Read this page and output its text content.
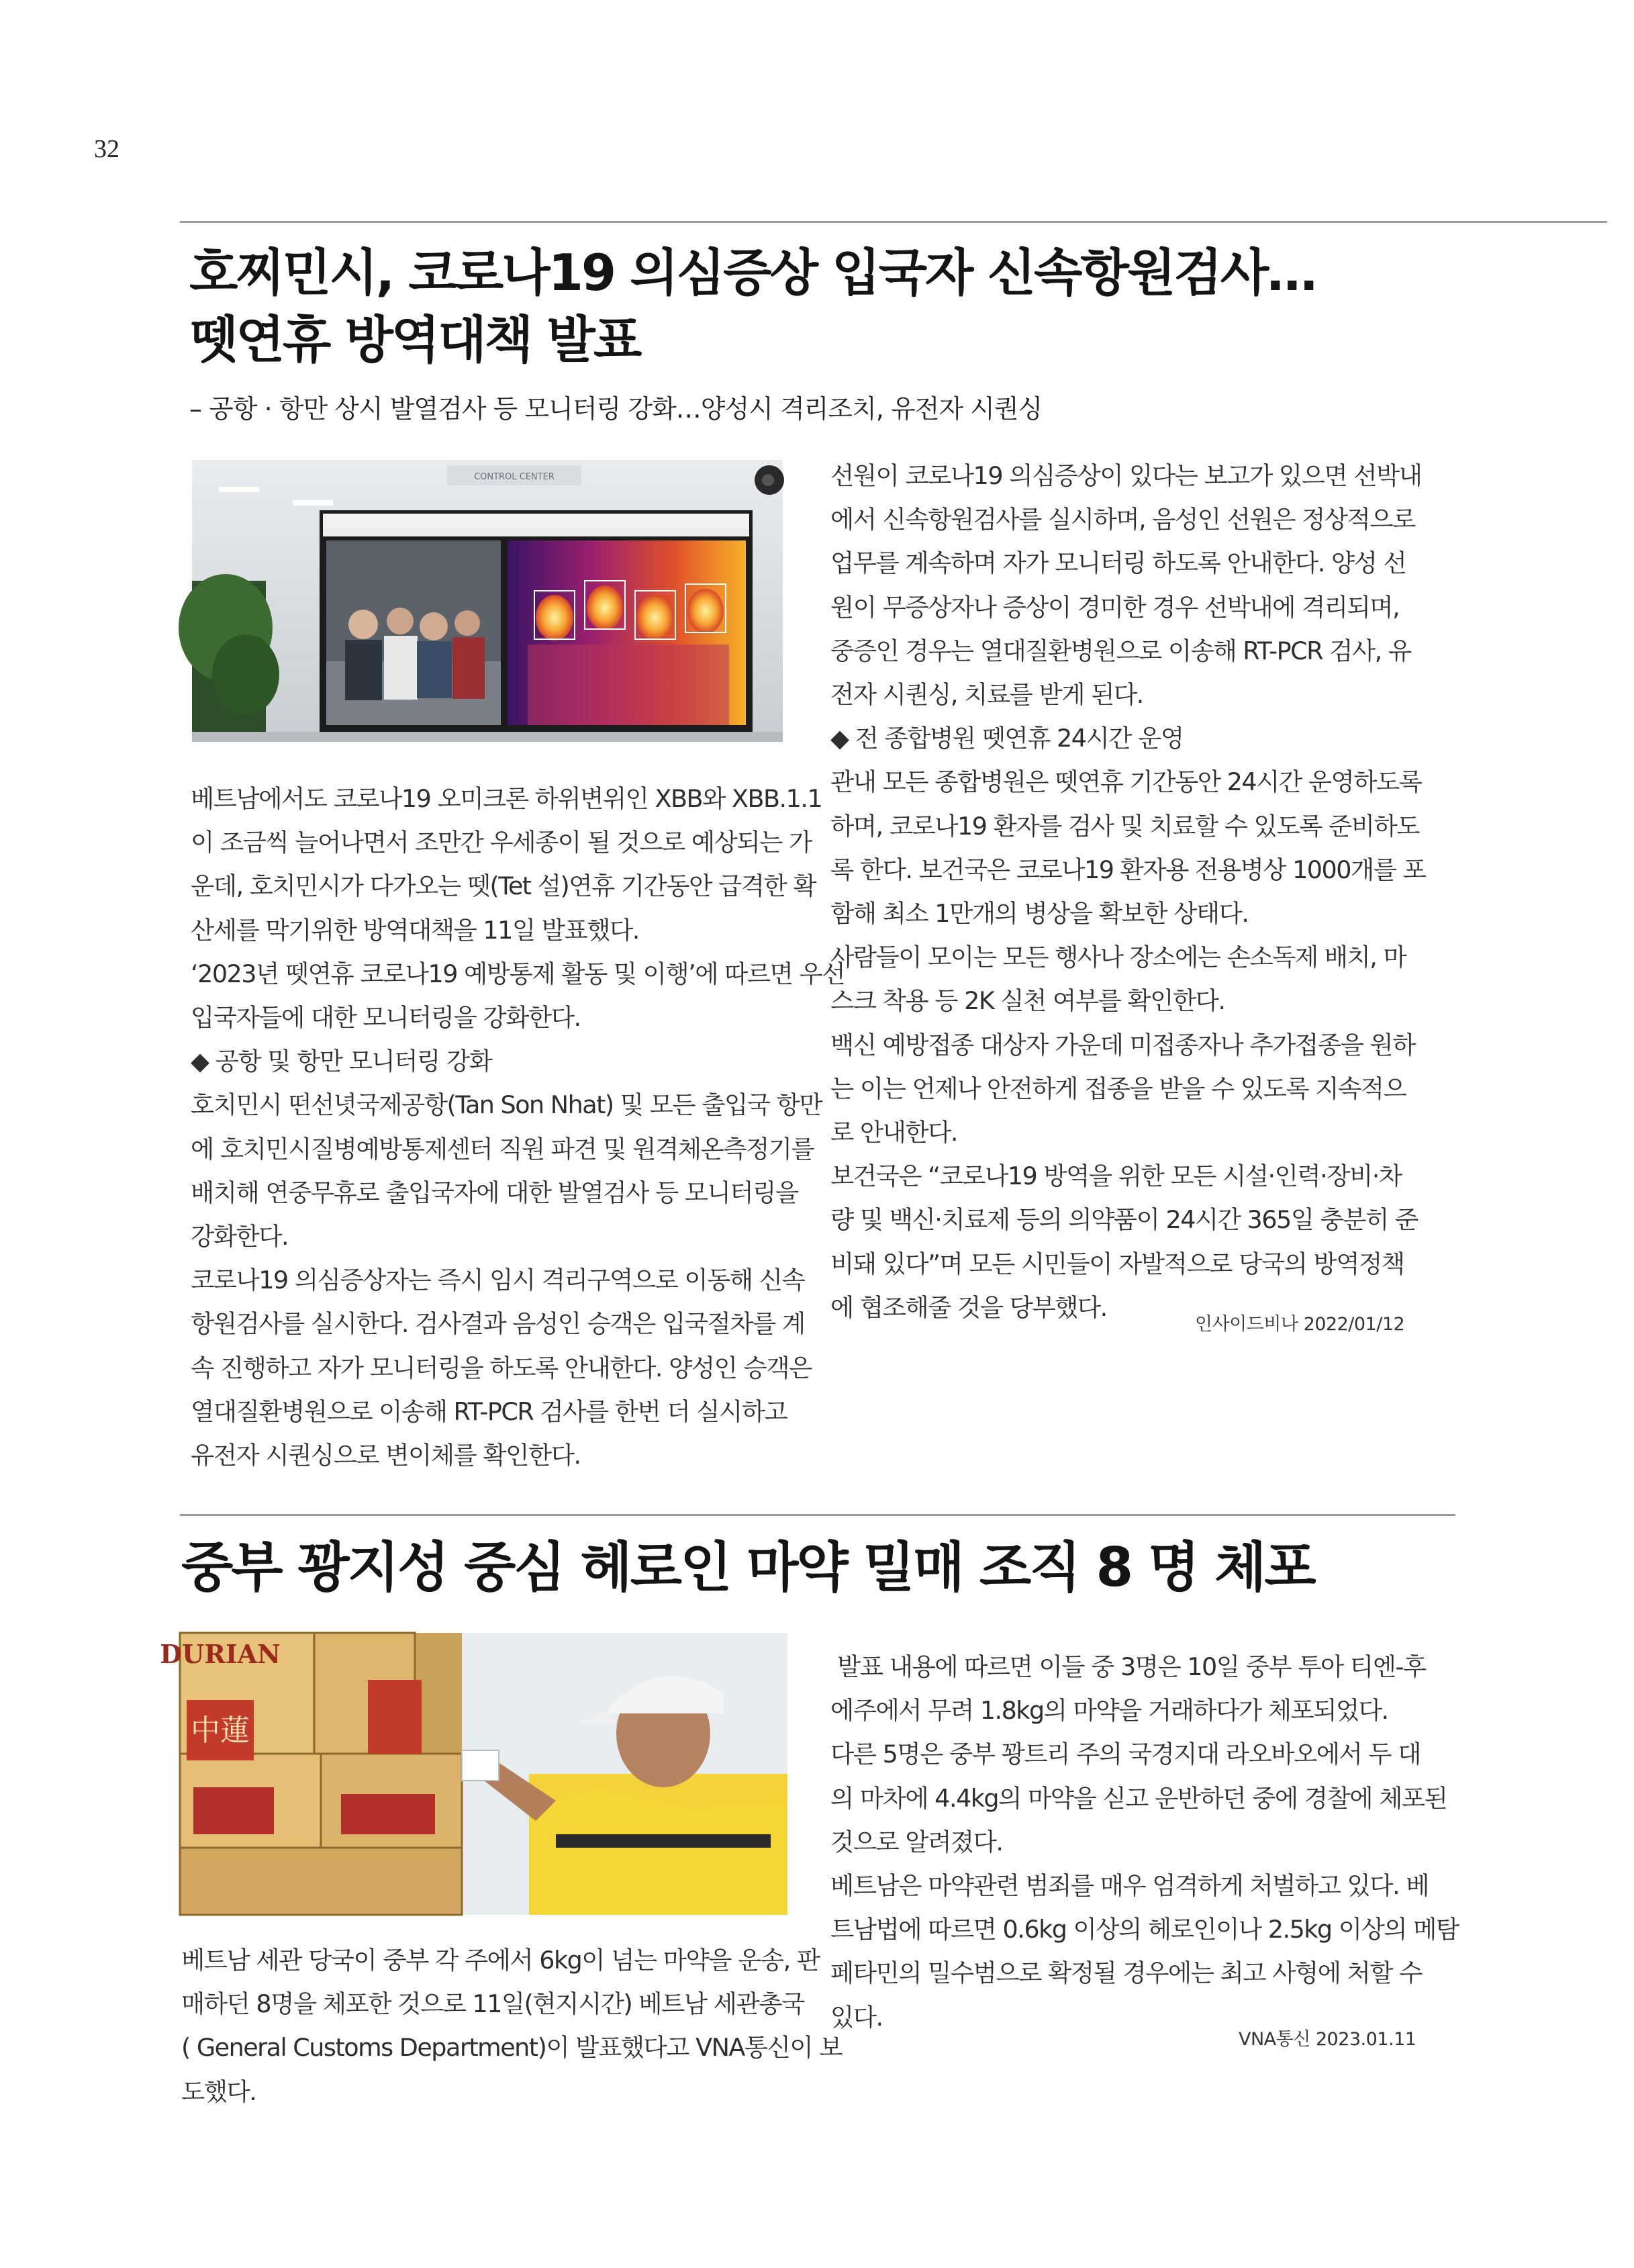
32
호찌민시, 코로나19 의심증상 입국자 신속항원검사…
뗏연휴 방역대책 발표
– 공항 · 항만 상시 발열검사 등 모니터링 강화…양성시 격리조치, 유전자 시퀀싱
CONTROL CENTER

베트남에서도 코로나19 오미크론 하위변위인 XBB와 XBB.1.1

이 조금씩 늘어나면서 조만간 우세종이 될 것으로 예상되는 가

운데, 호치민시가 다가오는 뗏(Tet 설)연휴 기간동안 급격한 확

산세를 막기위한 방역대책을 11일 발표했다.

‘2023년 뗏연휴 코로나19 예방통제 활동 및 이행’에 따르면 우선

입국자들에 대한 모니터링을 강화한다.

◆ 공항 및 항만 모니터링 강화

호치민시 떤선녓국제공항(Tan Son Nhat) 및 모든 출입국 항만

에 호치민시질병예방통제센터 직원 파견 및 원격체온측정기를

배치해 연중무휴로 출입국자에 대한 발열검사 등 모니터링을

강화한다.

코로나19 의심증상자는 즉시 임시 격리구역으로 이동해 신속

항원검사를 실시한다. 검사결과 음성인 승객은 입국절차를 계

속 진행하고 자가 모니터링을 하도록 안내한다. 양성인 승객은

열대질환병원으로 이송해 RT-PCR 검사를 한번 더 실시하고

유전자 시퀀싱으로 변이체를 확인한다.

선원이 코로나19 의심증상이 있다는 보고가 있으면 선박내

에서 신속항원검사를 실시하며, 음성인 선원은 정상적으로

업무를 계속하며 자가 모니터링 하도록 안내한다. 양성 선

원이 무증상자나 증상이 경미한 경우 선박내에 격리되며,

중증인 경우는 열대질환병원으로 이송해 RT-PCR 검사, 유

전자 시퀀싱, 치료를 받게 된다.

◆ 전 종합병원 뗏연휴 24시간 운영

관내 모든 종합병원은 뗏연휴 기간동안 24시간 운영하도록

하며, 코로나19 환자를 검사 및 치료할 수 있도록 준비하도

록 한다. 보건국은 코로나19 환자용 전용병상 1000개를 포

함해 최소 1만개의 병상을 확보한 상태다.

사람들이 모이는 모든 행사나 장소에는 손소독제 배치, 마

스크 착용 등 2K 실천 여부를 확인한다.

백신 예방접종 대상자 가운데 미접종자나 추가접종을 원하

는 이는 언제나 안전하게 접종을 받을 수 있도록 지속적으

로 안내한다.

보건국은 “코로나19 방역을 위한 모든 시설·인력·장비·차

량 및 백신·치료제 등의 의약품이 24시간 365일 충분히 준

비돼 있다”며 모든 시민들이 자발적으로 당국의 방역정책

에 협조해줄 것을 당부했다.

인사이드비나 2022/01/12
중부 꽝지성 중심 헤로인 마약 밀매 조직 8 명 체포
DURIAN
中蓮

베트남 세관 당국이 중부 각 주에서 6kg이 넘는 마약을 운송, 판

매하던 8명을 체포한 것으로 11일(현지시간) 베트남 세관총국

( General Customs Department)이 발표했다고 VNA통신이 보

도했다.

발표 내용에 따르면 이들 중 3명은 10일 중부 투아 티엔-후

에주에서 무려 1.8kg의 마약을 거래하다가 체포되었다.

다른 5명은 중부 꽝트리 주의 국경지대 라오바오에서 두 대

의 마차에 4.4kg의 마약을 싣고 운반하던 중에 경찰에 체포된

것으로 알려졌다.

베트남은 마약관련 범죄를 매우 엄격하게 처벌하고 있다. 베

트남법에 따르면 0.6kg 이상의 헤로인이나 2.5kg 이상의 메탐

페타민의 밀수범으로 확정될 경우에는 최고 사형에 처할 수

있다.

VNA통신 2023.01.11
